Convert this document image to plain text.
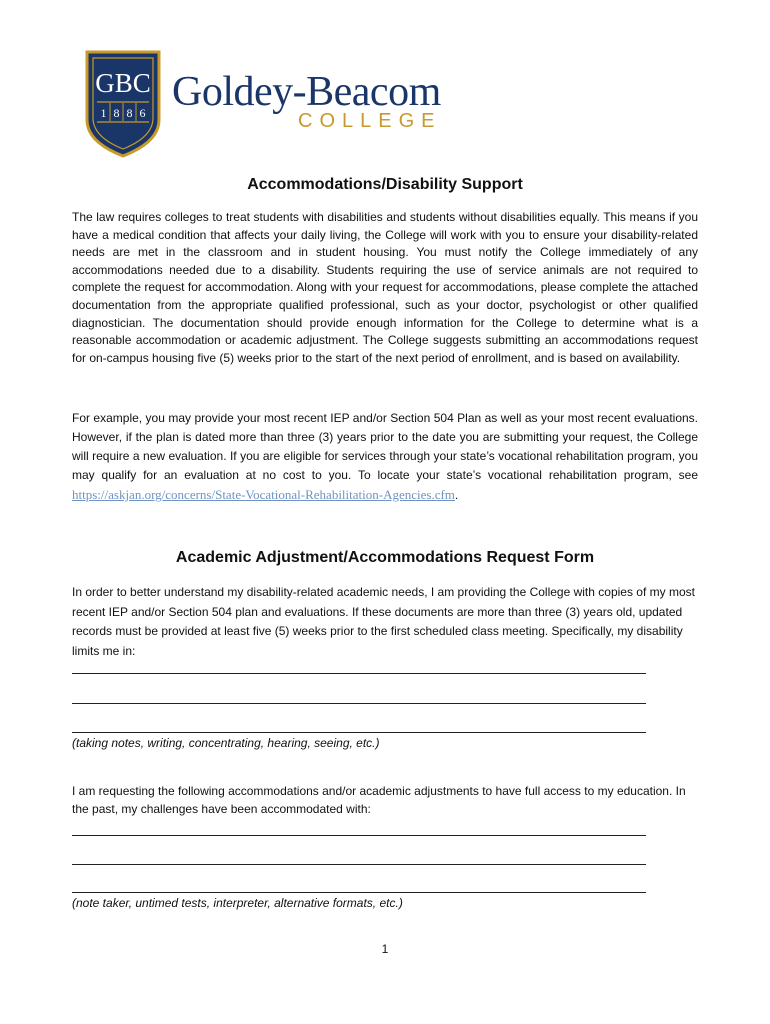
GBC
1 8 8 6 Goldey-Beacom
COLLEGE
Accommodations/Disability Support

The law requires colleges to treat students with disabilities and students without disabilities equally. This means if you have a medical condition that affects your daily living, the College will work with you to ensure your disability-related needs are met in the classroom and in student housing. You must notify the College immediately of any accommodations needed due to a disability. Students requiring the use of service animals are not required to complete the request for accommodation. Along with your request for accommodations, please complete the attached documentation from the appropriate qualified professional, such as your doctor, psychologist or other qualified diagnostician. The documentation should provide enough information for the College to determine what is a reasonable accommodation or academic adjustment. The College suggests submitting an accommodations request for on-campus housing five (5) weeks prior to the start of the next period of enrollment, and is based on availability.

For example, you may provide your most recent IEP and/or Section 504 Plan as well as your most recent evaluations. However, if the plan is dated more than three (3) years prior to the date you are submitting your request, the College will require a new evaluation. If you are eligible for services through your state’s vocational rehabilitation program, you may qualify for an evaluation at no cost to you. To locate your state’s vocational rehabilitation program, see https://askjan.org/concerns/State-Vocational-Rehabilitation-Agencies.cfm.

Academic Adjustment/Accommodations Request Form

In order to better understand my disability-related academic needs, I am providing the College with copies of my most recent IEP and/or Section 504 plan and evaluations. If these documents are more than three (3) years old, updated records must be provided at least five (5) weeks prior to the first scheduled class meeting. Specifically, my disability limits me in:

(taking notes, writing, concentrating, hearing, seeing, etc.)

I am requesting the following accommodations and/or academic adjustments to have full access to my education. In the past, my challenges have been accommodated with:

(note taker, untimed tests, interpreter, alternative formats, etc.)
1
